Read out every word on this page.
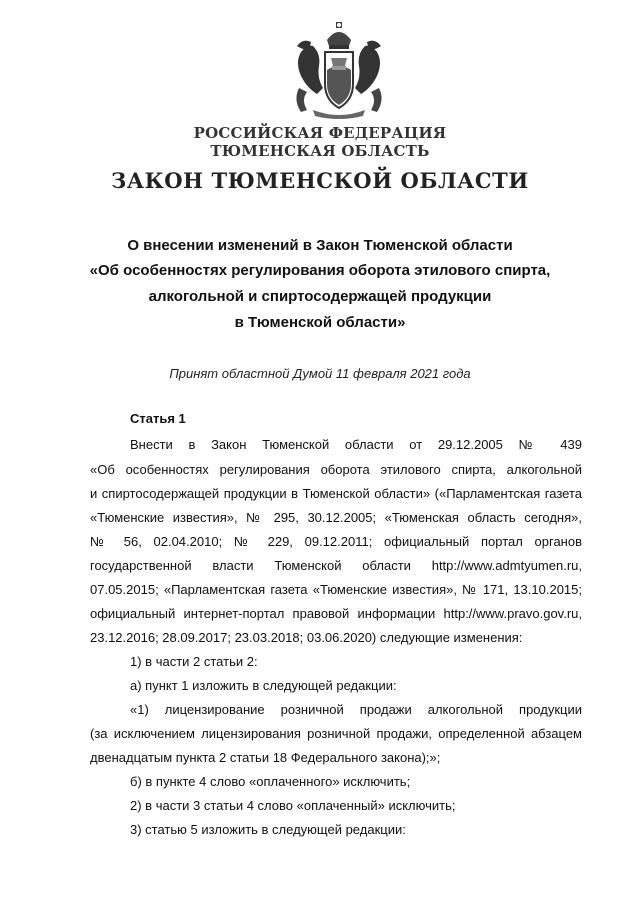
РОССИЙСКАЯ ФЕДЕРАЦИЯ
ТЮМЕНСКАЯ ОБЛАСТЬ
ЗАКОН ТЮМЕНСКОЙ ОБЛАСТИ
О внесении изменений в Закон Тюменской области
«Об особенностях регулирования оборота этилового спирта,
алкогольной и спиртосодержащей продукции
в Тюменской области»
Принят областной Думой 11 февраля 2021 года
Статья 1
Внести в Закон Тюменской области от 29.12.2005 № 439
«Об особенностях регулирования оборота этилового спирта, алкогольной
и спиртосодержащей продукции в Тюменской области» («Парламентская газета
«Тюменские известия», № 295, 30.12.2005; «Тюменская область сегодня»,
№ 56, 02.04.2010; № 229, 09.12.2011; официальный портал органов
государственной власти Тюменской области http://www.admtyumen.ru,
07.05.2015; «Парламентская газета «Тюменские известия», № 171, 13.10.2015;
официальный интернет-портал правовой информации http://www.pravo.gov.ru,
23.12.2016; 28.09.2017; 23.03.2018; 03.06.2020) следующие изменения:
1) в части 2 статьи 2:
а) пункт 1 изложить в следующей редакции:
«1) лицензирование розничной продажи алкогольной продукции
(за исключением лицензирования розничной продажи, определенной абзацем
двенадцатым пункта 2 статьи 18 Федерального закона);»;
б) в пункте 4 слово «оплаченного» исключить;
2) в части 3 статьи 4 слово «оплаченный» исключить;
3) статью 5 изложить в следующей редакции:
